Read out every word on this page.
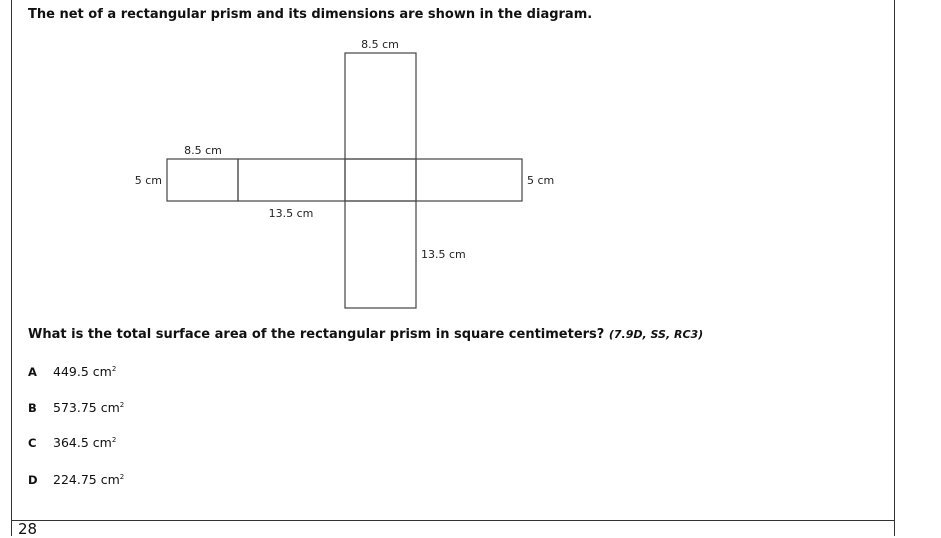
28
The net of a rectangular prism and its dimensions are shown in the diagram.
8.5 cm
8.5 cm
5 cm	5 cm
13.5 cm
13.5 cm
What is the total surface area of the rectangular prism in square centimeters? (7.9D, SS, RC3)
A	449.5
$cm^2$
B	573.75
$cm^2$
C	364.5
$cm^2$
D	224.75
$cm^2$
